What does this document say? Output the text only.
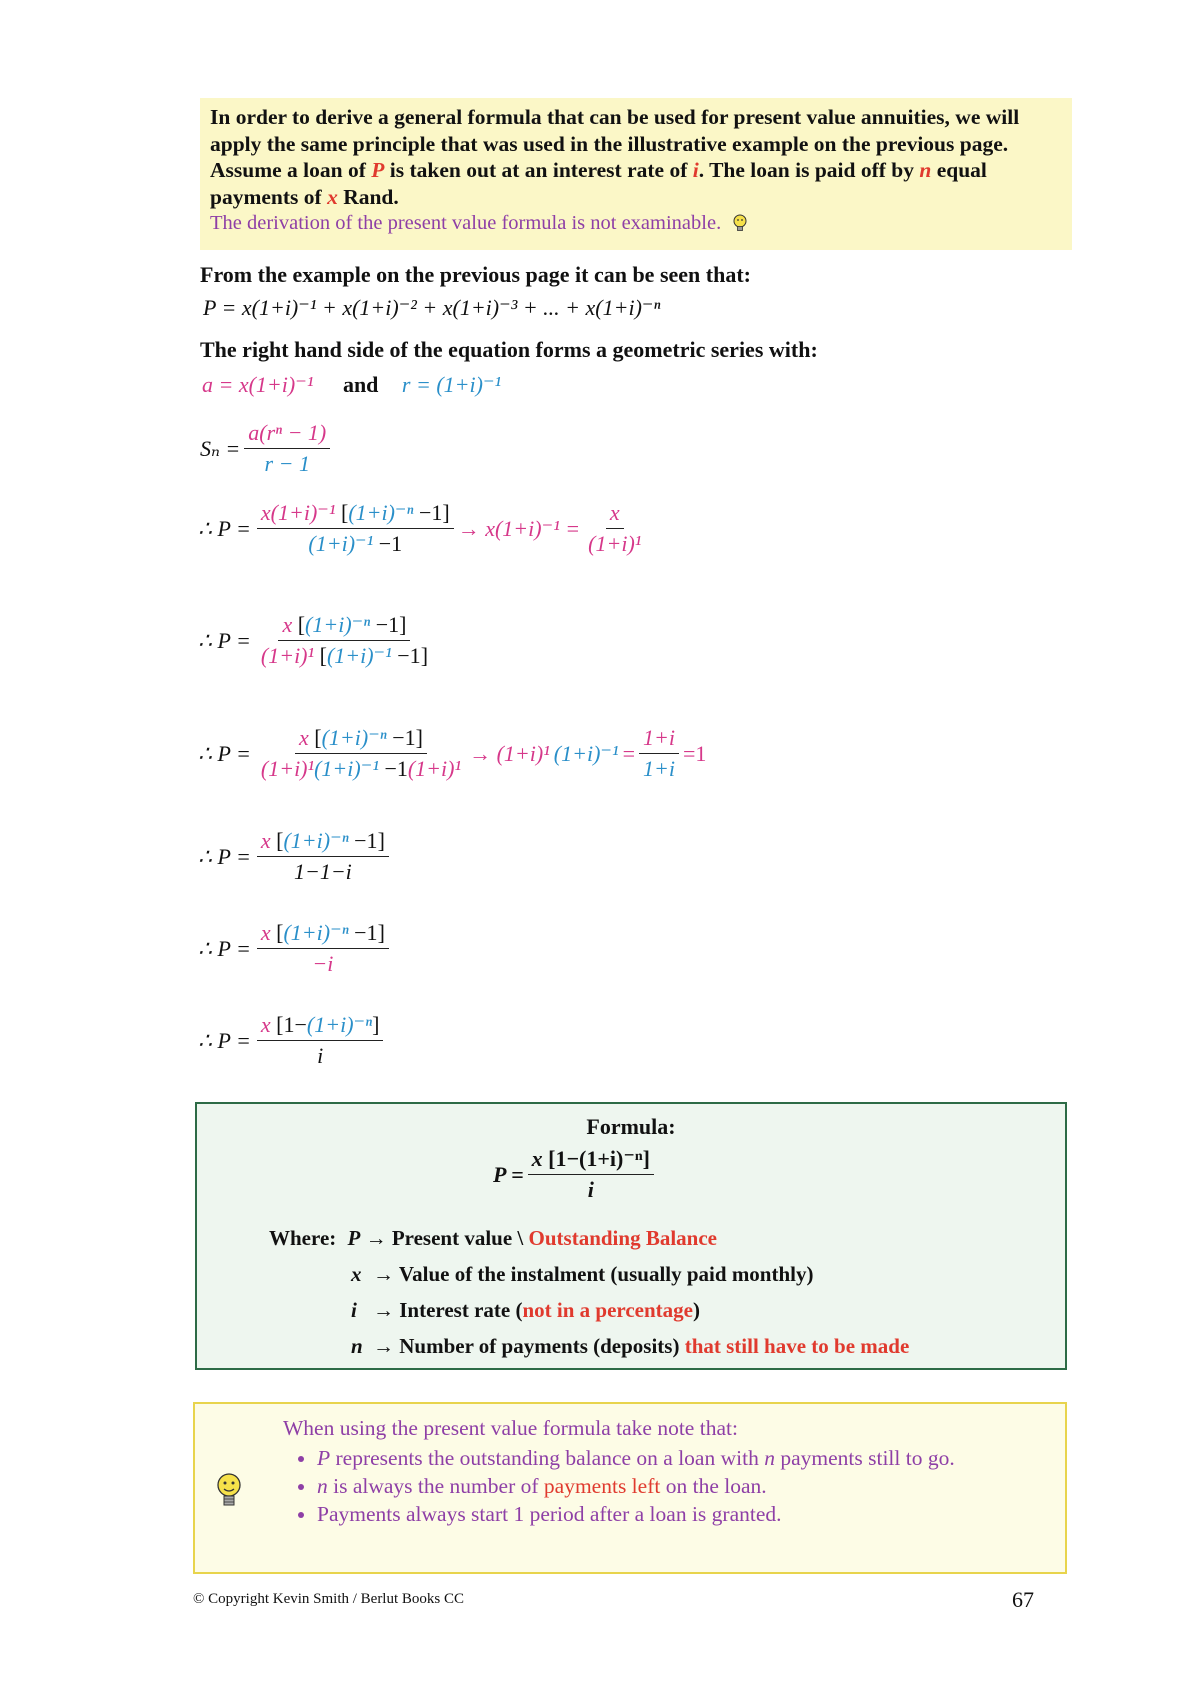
In order to derive a general formula that can be used for present value annuities, we will apply the same principle that was used in the illustrative example on the previous page. Assume a loan of P is taken out at an interest rate of i. The loan is paid off by n equal payments of x Rand.

The derivation of the present value formula is not examinable.

From the example on the previous page it can be seen that:
P = x(1+i)⁻¹ + x(1+i)⁻² + x(1+i)⁻³ + ... + x(1+i)⁻ⁿ
The right hand side of the equation forms a geometric series with:
a = x(1+i)⁻¹ and r = (1+i)⁻¹
$S_n = \frac{\text{a(rⁿ − 1)}}{r - 1}$
∴ $P = \frac{\text{x(1+i)⁻¹ [(1+i)⁻ⁿ −1]}}{\text{(1+i)⁻¹ −1}} \to x(1+i)^{-1} = \frac{x}{\text{(1+i)¹}}$
∴ $P = \frac{\text{x [(1+i)⁻ⁿ −1]}}{\text{(1+i)¹ [(1+i)⁻¹ −1]}}$
∴ $P = \frac{\text{x [(1+i)⁻ⁿ −1]}}{\text{(1+i)¹(1+i)⁻¹ −1(1+i)¹}} \to (1+i)^1$ $(1+i)^{-1} = \frac{1+i}{1+i} =1$
∴ $P = \frac{\text{x [(1+i)⁻ⁿ −1]}}{1-1-i}$
∴ $P = \frac{\text{x [(1+i)⁻ⁿ −1]}}{-i}$
∴ $P = \frac{\text{x [1−(1+i)⁻ⁿ]}}{i}$
Formula:
$P = \frac{\text{x [1−(1+i)⁻ⁿ]}}{i}$
Where: P → Present value \ Outstanding Balance
x → Value of the instalment (usually paid monthly)
i → Interest rate (not in a percentage)
n → Number of payments (deposits) that still have to be made
When using the present value formula take note that:
• P represents the outstanding balance on a loan with n payments still to go.
• n is always the number of payments left on the loan.
• Payments always start 1 period after a loan is granted.
© Copyright Kevin Smith / Berlut Books CC	67
